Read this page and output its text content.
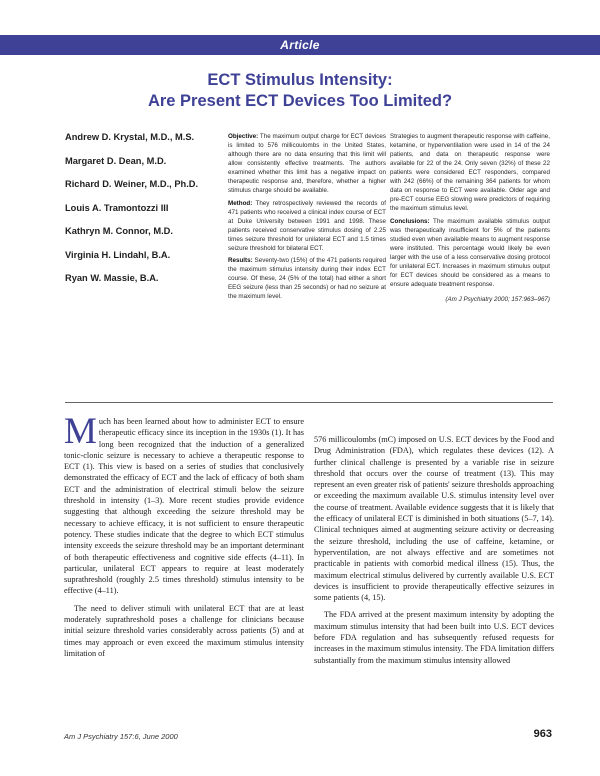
Article
ECT Stimulus Intensity:
Are Present ECT Devices Too Limited?
Andrew D. Krystal, M.D., M.S.
Margaret D. Dean, M.D.
Richard D. Weiner, M.D., Ph.D.
Louis A. Tramontozzi III
Kathryn M. Connor, M.D.
Virginia H. Lindahl, B.A.
Ryan W. Massie, B.A.

Objective: The maximum output charge for ECT devices is limited to 576 millicoulombs in the United States, although there are no data ensuring that this limit will allow consistently effective treatments. The authors examined whether this limit has a negative impact on therapeutic response and, therefore, whether a higher stimulus charge should be available.

Method: They retrospectively reviewed the records of 471 patients who received a clinical index course of ECT at Duke University between 1991 and 1998. These patients received conservative stimulus dosing of 2.25 times seizure threshold for unilateral ECT and 1.5 times seizure threshold for bilateral ECT.

Results: Seventy-two (15%) of the 471 patients required the maximum stimulus intensity during their index ECT course. Of these, 24 (5% of the total) had either a short EEG seizure (less than 25 seconds) or had no seizure at the maximum level.

Strategies to augment therapeutic response with caffeine, ketamine, or hyperventilation were used in 14 of the 24 patients, and data on therapeutic response were available for 22 of the 24. Only seven (32%) of these 22 patients were considered ECT responders, compared with 242 (66%) of the remaining 364 patients for whom data on response to ECT were available. Older age and pre-ECT course EEG slowing were predictors of requiring the maximum stimulus level.

Conclusions: The maximum available stimulus output was therapeutically insufficient for 5% of the patients studied even when available means to augment response were instituted. This percentage would likely be even larger with the use of a less conservative dosing protocol for unilateral ECT. Increases in maximum stimulus output for ECT devices should be considered as a means to ensure adequate treatment response.

(Am J Psychiatry 2000; 157:963–967)

Much has been learned about how to administer ECT to ensure therapeutic efficacy since its inception in the 1930s (1). It has long been recognized that the induction of a generalized tonic-clonic seizure is necessary to achieve a therapeutic response to ECT (1). This view is based on a series of studies that conclusively demonstrated the efficacy of ECT and the lack of efficacy of both sham ECT and the administration of electrical stimuli below the seizure threshold in intensity (1–3). More recent studies provide evidence suggesting that although exceeding the seizure threshold may be necessary to achieve efficacy, it is not sufficient to ensure therapeutic potency. These studies indicate that the degree to which ECT stimulus intensity exceeds the seizure threshold may be an important determinant of both therapeutic effectiveness and cognitive side effects (4–11). In particular, unilateral ECT appears to require at least moderately suprathreshold (roughly 2.5 times threshold) stimulus intensity to be effective (4–11).

The need to deliver stimuli with unilateral ECT that are at least moderately suprathreshold poses a challenge for clinicians because initial seizure threshold varies considerably across patients (5) and at times may approach or even exceed the maximum stimulus intensity limitation of

576 millicoulombs (mC) imposed on U.S. ECT devices by the Food and Drug Administration (FDA), which regulates these devices (12). A further clinical challenge is presented by a variable rise in seizure threshold that occurs over the course of treatment (13). This may represent an even greater risk of patients' seizure thresholds approaching or exceeding the maximum available U.S. stimulus intensity level over the course of treatment. Available evidence suggests that it is likely that the efficacy of unilateral ECT is diminished in both situations (5–7, 14). Clinical techniques aimed at augmenting seizure activity or decreasing the seizure threshold, including the use of caffeine, ketamine, or hyperventilation, are not always effective and are sometimes not practicable in patients with comorbid medical illness (15). Thus, the maximum electrical stimulus delivered by currently available U.S. ECT devices is insufficient to provide therapeutically effective seizures in some patients (4, 15).

The FDA arrived at the present maximum intensity by adopting the maximum stimulus intensity that had been built into U.S. ECT devices before FDA regulation and has subsequently refused requests for increases in the maximum stimulus intensity. The FDA limitation differs substantially from the maximum stimulus intensity allowed

Am J Psychiatry 157:6, June 2000	963
